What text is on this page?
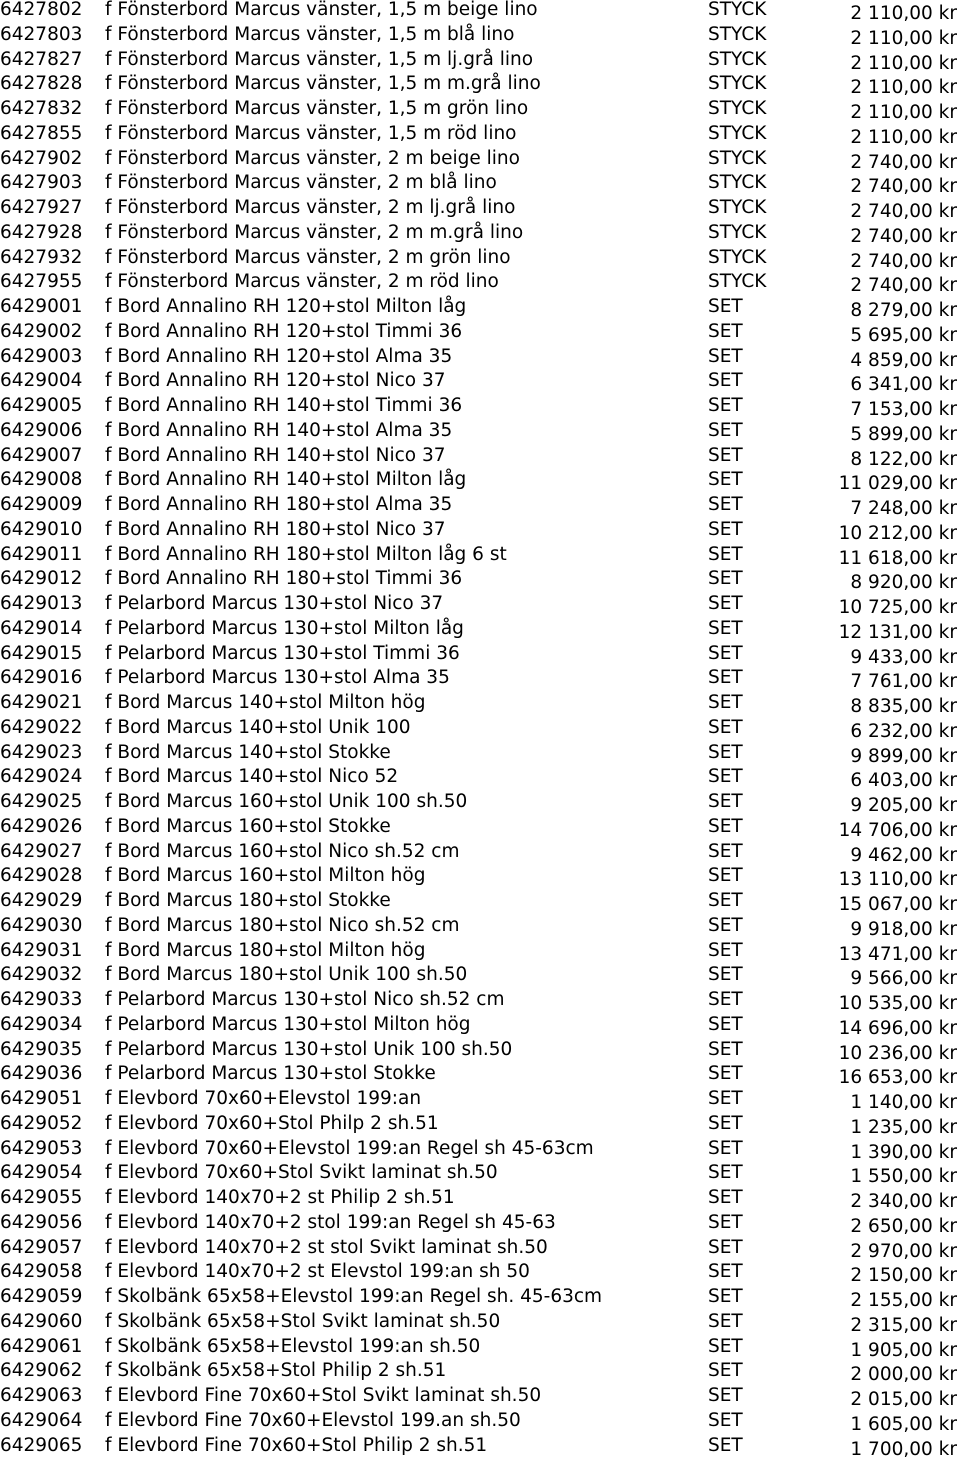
6427802 f Fönsterbord Marcus vänster, 1,5 m beige lino	STYCK	2 110,00 kr
6427803 f Fönsterbord Marcus vänster, 1,5 m blå lino	STYCK	2 110,00 kr
6427827 f Fönsterbord Marcus vänster, 1,5 m lj.grå lino	STYCK	2 110,00 kr
6427828 f Fönsterbord Marcus vänster, 1,5 m m.grå lino	STYCK	2 110,00 kr
6427832 f Fönsterbord Marcus vänster, 1,5 m grön lino	STYCK	2 110,00 kr
6427855 f Fönsterbord Marcus vänster, 1,5 m röd lino	STYCK	2 110,00 kr
6427902 f Fönsterbord Marcus vänster, 2 m beige lino	STYCK	2 740,00 kr
6427903 f Fönsterbord Marcus vänster, 2 m blå lino	STYCK	2 740,00 kr
6427927 f Fönsterbord Marcus vänster, 2 m lj.grå lino	STYCK	2 740,00 kr
6427928 f Fönsterbord Marcus vänster, 2 m m.grå lino	STYCK	2 740,00 kr
6427932 f Fönsterbord Marcus vänster, 2 m grön lino	STYCK	2 740,00 kr
6427955 f Fönsterbord Marcus vänster, 2 m röd lino	STYCK	2 740,00 kr
6429001 f Bord Annalino RH 120+stol Milton låg	SET	8 279,00 kr
6429002 f Bord Annalino RH 120+stol Timmi 36	SET	5 695,00 kr
6429003 f Bord Annalino RH 120+stol Alma 35	SET	4 859,00 kr
6429004 f Bord Annalino RH 120+stol Nico 37	SET	6 341,00 kr
6429005 f Bord Annalino RH 140+stol Timmi 36	SET	7 153,00 kr
6429006 f Bord Annalino RH 140+stol Alma 35	SET	5 899,00 kr
6429007 f Bord Annalino RH 140+stol Nico 37	SET	8 122,00 kr
6429008 f Bord Annalino RH 140+stol Milton låg	SET	11 029,00 kr
6429009 f Bord Annalino RH 180+stol Alma 35	SET	7 248,00 kr
6429010 f Bord Annalino RH 180+stol Nico 37	SET	10 212,00 kr
6429011 f Bord Annalino RH 180+stol Milton låg 6 st	SET	11 618,00 kr
6429012 f Bord Annalino RH 180+stol Timmi 36	SET	8 920,00 kr
6429013 f Pelarbord Marcus 130+stol Nico 37	SET	10 725,00 kr
6429014 f Pelarbord Marcus 130+stol Milton låg	SET	12 131,00 kr
6429015 f Pelarbord Marcus 130+stol Timmi 36	SET	9 433,00 kr
6429016 f Pelarbord Marcus 130+stol Alma 35	SET	7 761,00 kr
6429021 f Bord Marcus 140+stol Milton hög	SET	8 835,00 kr
6429022 f Bord Marcus 140+stol Unik 100	SET	6 232,00 kr
6429023 f Bord Marcus 140+stol Stokke	SET	9 899,00 kr
6429024 f Bord Marcus 140+stol Nico 52	SET	6 403,00 kr
6429025 f Bord Marcus 160+stol Unik 100 sh.50	SET	9 205,00 kr
6429026 f Bord Marcus 160+stol Stokke	SET	14 706,00 kr
6429027 f Bord Marcus 160+stol Nico sh.52 cm	SET	9 462,00 kr
6429028 f Bord Marcus 160+stol Milton hög	SET	13 110,00 kr
6429029 f Bord Marcus 180+stol Stokke	SET	15 067,00 kr
6429030 f Bord Marcus 180+stol Nico sh.52 cm	SET	9 918,00 kr
6429031 f Bord Marcus 180+stol Milton hög	SET	13 471,00 kr
6429032 f Bord Marcus 180+stol Unik 100 sh.50	SET	9 566,00 kr
6429033 f Pelarbord Marcus 130+stol Nico sh.52 cm	SET	10 535,00 kr
6429034 f Pelarbord Marcus 130+stol Milton hög	SET	14 696,00 kr
6429035 f Pelarbord Marcus 130+stol Unik 100 sh.50	SET	10 236,00 kr
6429036 f Pelarbord Marcus 130+stol Stokke	SET	16 653,00 kr
6429051 f Elevbord 70x60+Elevstol 199:an	SET	1 140,00 kr
6429052 f Elevbord 70x60+Stol Philp 2 sh.51	SET	1 235,00 kr
6429053 f Elevbord 70x60+Elevstol 199:an Regel sh 45-63cm	SET	1 390,00 kr
6429054 f Elevbord 70x60+Stol Svikt laminat sh.50	SET	1 550,00 kr
6429055 f Elevbord 140x70+2 st Philip 2 sh.51	SET	2 340,00 kr
6429056 f Elevbord 140x70+2 stol 199:an Regel sh 45-63	SET	2 650,00 kr
6429057 f Elevbord 140x70+2 st stol Svikt laminat sh.50	SET	2 970,00 kr
6429058 f Elevbord 140x70+2 st Elevstol 199:an sh 50	SET	2 150,00 kr
6429059 f Skolbänk 65x58+Elevstol 199:an Regel sh. 45-63cm	SET	2 155,00 kr
6429060 f Skolbänk 65x58+Stol Svikt laminat sh.50	SET	2 315,00 kr
6429061 f Skolbänk 65x58+Elevstol 199:an sh.50	SET	1 905,00 kr
6429062 f Skolbänk 65x58+Stol Philip 2 sh.51	SET	2 000,00 kr
6429063 f Elevbord Fine 70x60+Stol Svikt laminat sh.50	SET	2 015,00 kr
6429064 f Elevbord Fine 70x60+Elevstol 199.an sh.50	SET	1 605,00 kr
6429065 f Elevbord Fine 70x60+Stol Philip 2 sh.51	SET	1 700,00 kr
